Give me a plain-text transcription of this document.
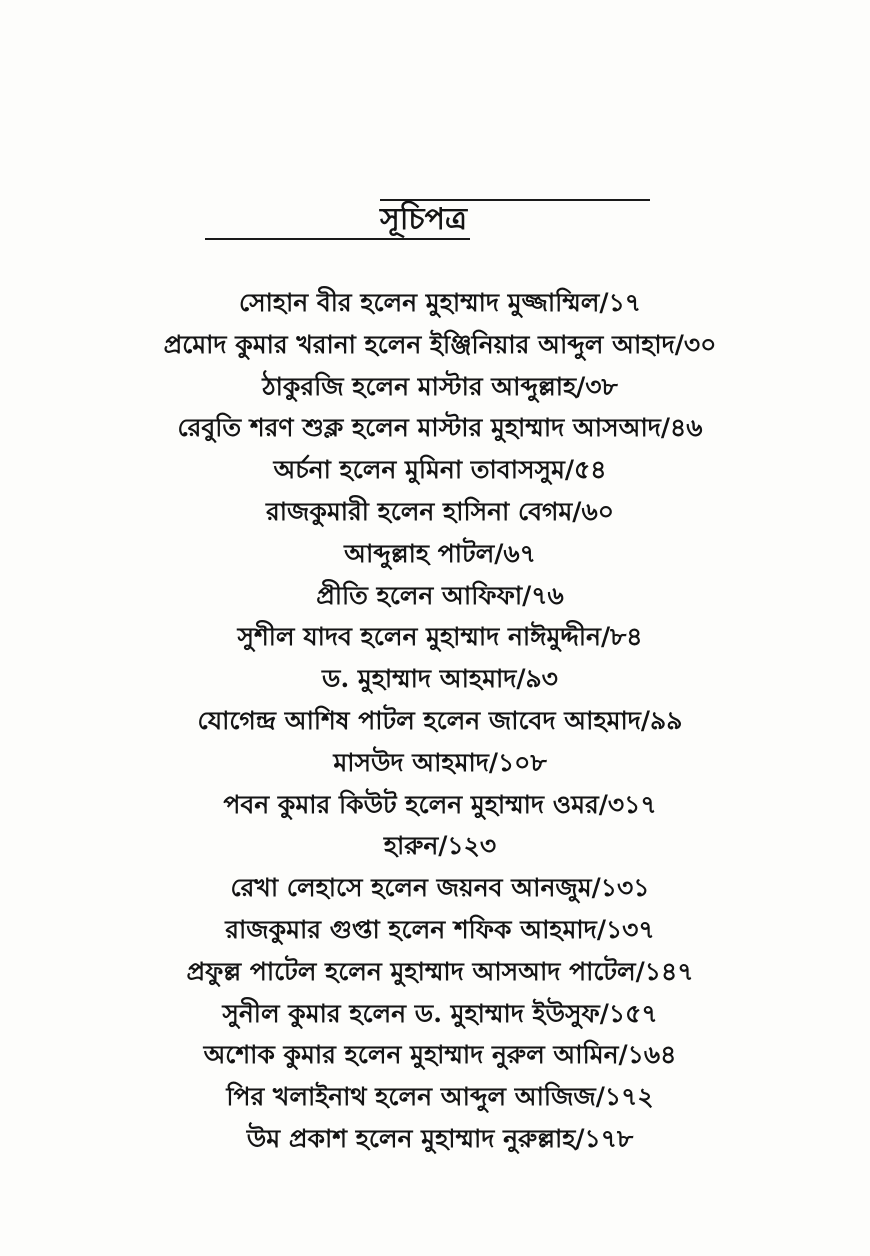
সূচিপত্র
সোহান বীর হলেন মুহাম্মাদ মুজ্জাম্মিল/১৭
প্রমোদ কুমার খরানা হলেন ইঞ্জিনিয়ার আব্দুল আহাদ/৩০
ঠাকুরজি হলেন মাস্টার আব্দুল্লাহ/৩৮
রেবুতি শরণ শুক্ল হলেন মাস্টার মুহাম্মাদ আসআদ/৪৬
অর্চনা হলেন মুমিনা তাবাসসুম/৫৪
রাজকুমারী হলেন হাসিনা বেগম/৬০
আব্দুল্লাহ পাটল/৬৭
প্রীতি হলেন আফিফা/৭৬
সুশীল যাদব হলেন মুহাম্মাদ নাঈমুদ্দীন/৮৪
ড. মুহাম্মাদ আহমাদ/৯৩
যোগেন্দ্র আশিষ পাটল হলেন জাবেদ আহমাদ/৯৯
মাসউদ আহমাদ/১০৮
পবন কুমার কিউট হলেন মুহাম্মাদ ওমর/৩১৭
হারুন/১২৩
রেখা লেহাসে হলেন জয়নব আনজুম/১৩১
রাজকুমার গুপ্তা হলেন শফিক আহমাদ/১৩৭
প্রফুল্ল পাটেল হলেন মুহাম্মাদ আসআদ পাটেল/১৪৭
সুনীল কুমার হলেন ড. মুহাম্মাদ ইউসুফ/১৫৭
অশোক কুমার হলেন মুহাম্মাদ নুরুল আমিন/১৬৪
পির খলাইনাথ হলেন আব্দুল আজিজ/১৭২
উম প্রকাশ হলেন মুহাম্মাদ নুরুল্লাহ/১৭৮
